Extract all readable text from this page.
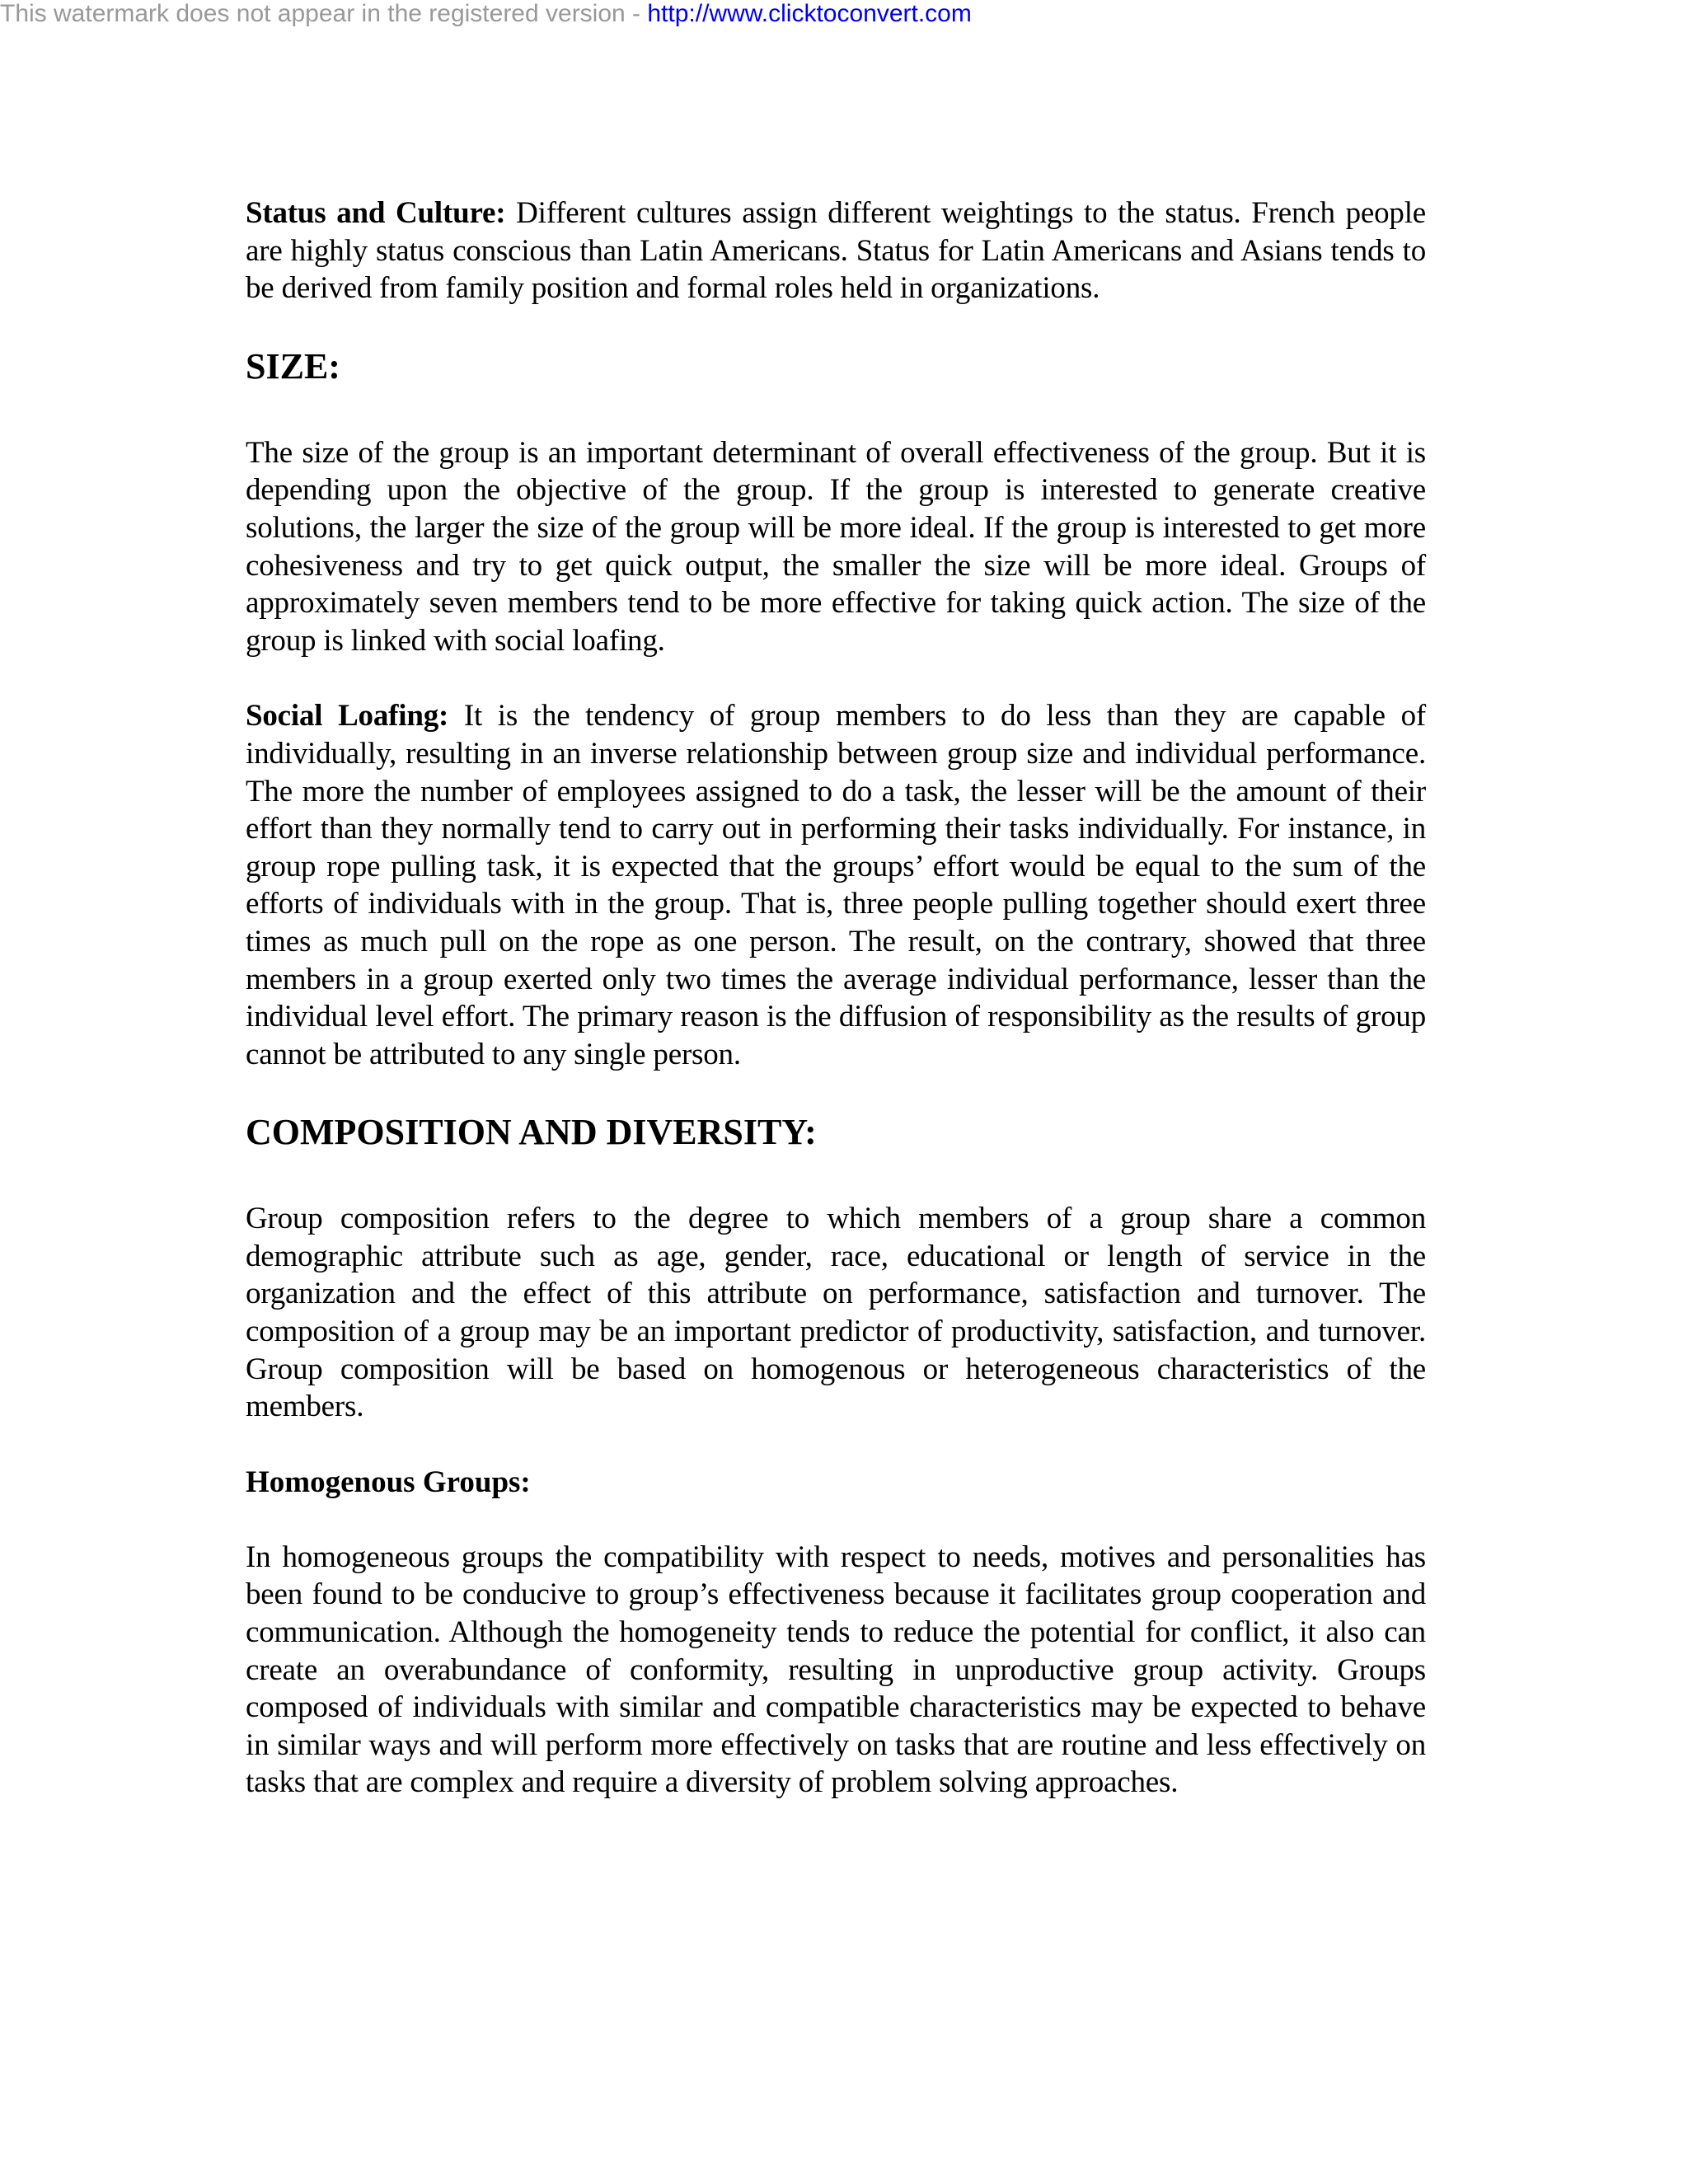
This watermark does not appear in the registered version - http://www.clicktoconvert.com

Status and Culture: Different cultures assign different weightings to the status. French people are highly status conscious than Latin Americans. Status for Latin Americans and Asians tends to be derived from family position and formal roles held in organizations.

SIZE:

The size of the group is an important determinant of overall effectiveness of the group. But it is depending upon the objective of the group. If the group is interested to generate creative solutions, the larger the size of the group will be more ideal. If the group is interested to get more cohesiveness and try to get quick output, the smaller the size will be more ideal. Groups of approximately seven members tend to be more effective for taking quick action. The size of the group is linked with social loafing.

Social Loafing: It is the tendency of group members to do less than they are capable of individually, resulting in an inverse relationship between group size and individual performance. The more the number of employees assigned to do a task, the lesser will be the amount of their effort than they normally tend to carry out in performing their tasks individually. For instance, in group rope pulling task, it is expected that the groups’ effort would be equal to the sum of the efforts of individuals with in the group. That is, three people pulling together should exert three times as much pull on the rope as one person. The result, on the contrary, showed that three members in a group exerted only two times the average individual performance, lesser than the individual level effort. The primary reason is the diffusion of responsibility as the results of group cannot be attributed to any single person.

COMPOSITION AND DIVERSITY:

Group composition refers to the degree to which members of a group share a common demographic attribute such as age, gender, race, educational or length of service in the organization and the effect of this attribute on performance, satisfaction and turnover. The composition of a group may be an important predictor of productivity, satisfaction, and turnover. Group composition will be based on homogenous or heterogeneous characteristics of the members.

Homogenous Groups:

In homogeneous groups the compatibility with respect to needs, motives and personalities has been found to be conducive to group’s effectiveness because it facilitates group cooperation and communication. Although the homogeneity tends to reduce the potential for conflict, it also can create an overabundance of conformity, resulting in unproductive group activity. Groups composed of individuals with similar and compatible characteristics may be expected to behave in similar ways and will perform more effectively on tasks that are routine and less effectively on tasks that are complex and require a diversity of problem solving approaches.
